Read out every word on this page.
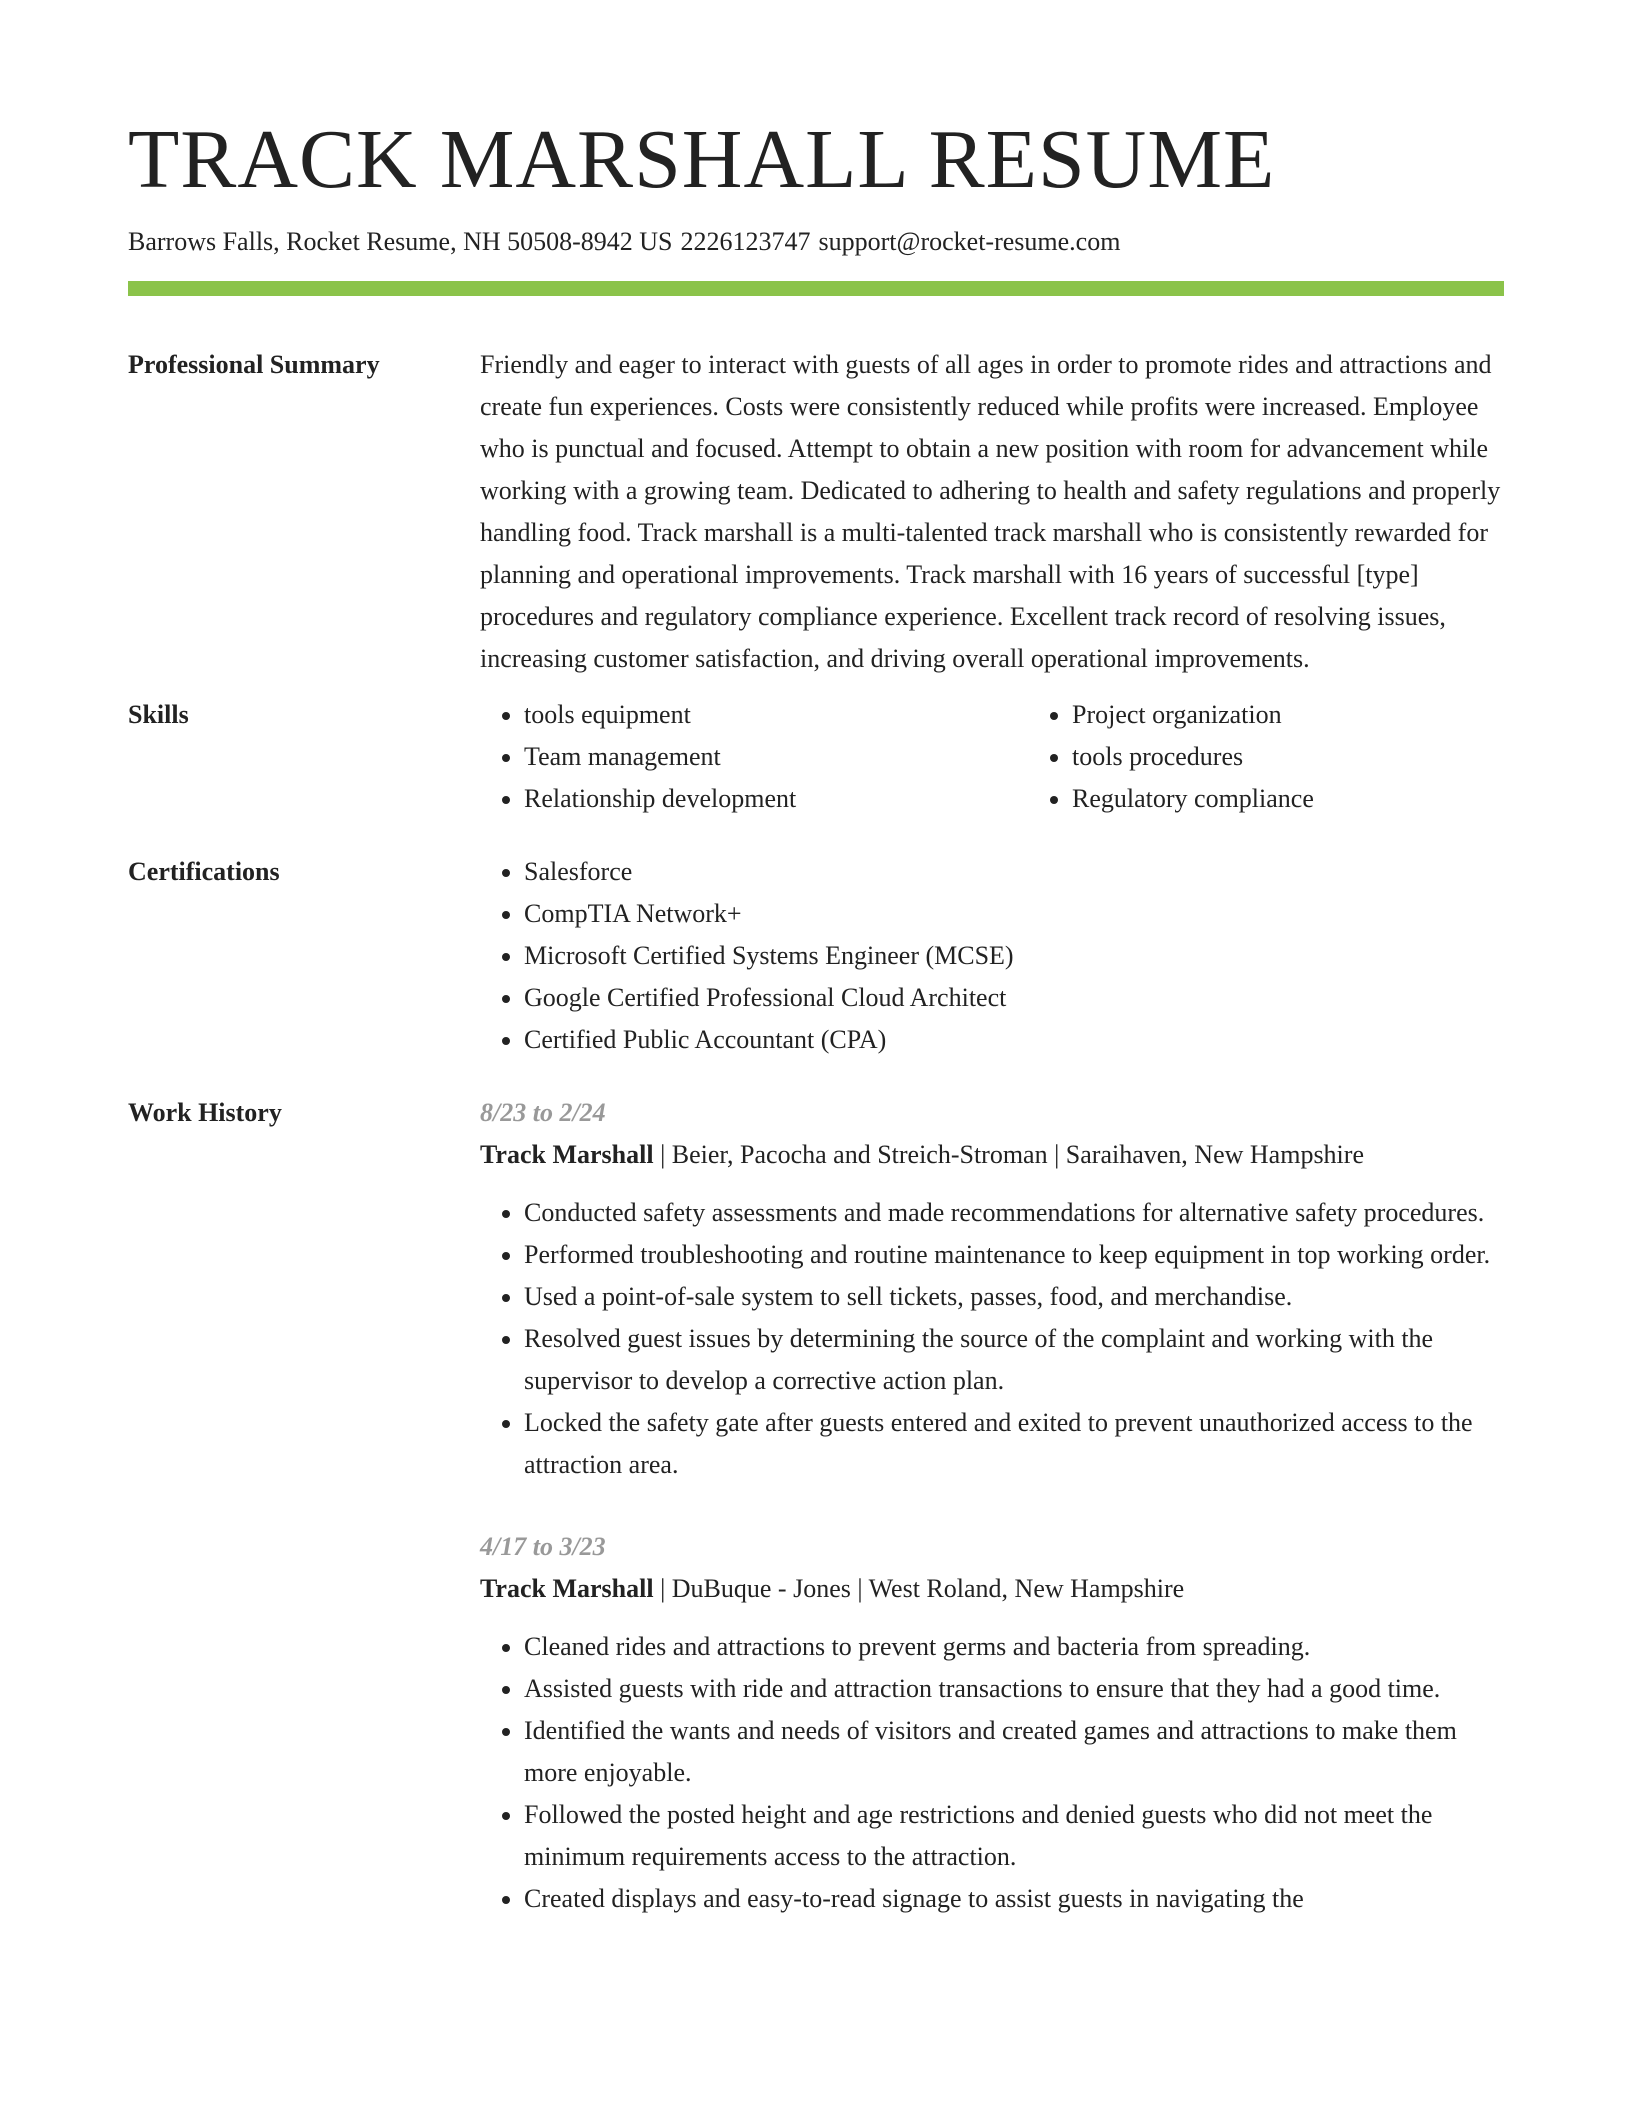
TRACK MARSHALL RESUME
Barrows Falls, Rocket Resume, NH 50508-8942 US 2226123747 support@rocket-resume.com
Professional Summary	Friendly and eager to interact with guests of all ages in order to promote rides and attractions and create fun experiences. Costs were consistently reduced while profits were increased. Employee who is punctual and focused. Attempt to obtain a new position with room for advancement while working with a growing team. Dedicated to adhering to health and safety regulations and properly handling food. Track marshall is a multi-talented track marshall who is consistently rewarded for planning and operational improvements. Track marshall with 16 years of successful [type] procedures and regulatory compliance experience. Excellent track record of resolving issues, increasing customer satisfaction, and driving overall operational improvements.

Skills	• tools equipment
• Team management
• Relationship development
• Project organization
• tools procedures
• Regulatory compliance
Certifications	• Salesforce
• CompTIA Network+
• Microsoft Certified Systems Engineer (MCSE)
• Google Certified Professional Cloud Architect
• Certified Public Accountant (CPA)
Work History	8/23 to 2/24
Track Marshall | Beier, Pacocha and Streich-Stroman | Saraihaven, New Hampshire
• Conducted safety assessments and made recommendations for alternative safety procedures.
• Performed troubleshooting and routine maintenance to keep equipment in top working order.
• Used a point-of-sale system to sell tickets, passes, food, and merchandise.
• Resolved guest issues by determining the source of the complaint and working with the supervisor to develop a corrective action plan.
• Locked the safety gate after guests entered and exited to prevent unauthorized access to the attraction area.
4/17 to 3/23
Track Marshall | DuBuque - Jones | West Roland, New Hampshire
• Cleaned rides and attractions to prevent germs and bacteria from spreading.
• Assisted guests with ride and attraction transactions to ensure that they had a good time.
• Identified the wants and needs of visitors and created games and attractions to make them more enjoyable.
• Followed the posted height and age restrictions and denied guests who did not meet the minimum requirements access to the attraction.
• Created displays and easy-to-read signage to assist guests in navigating the
